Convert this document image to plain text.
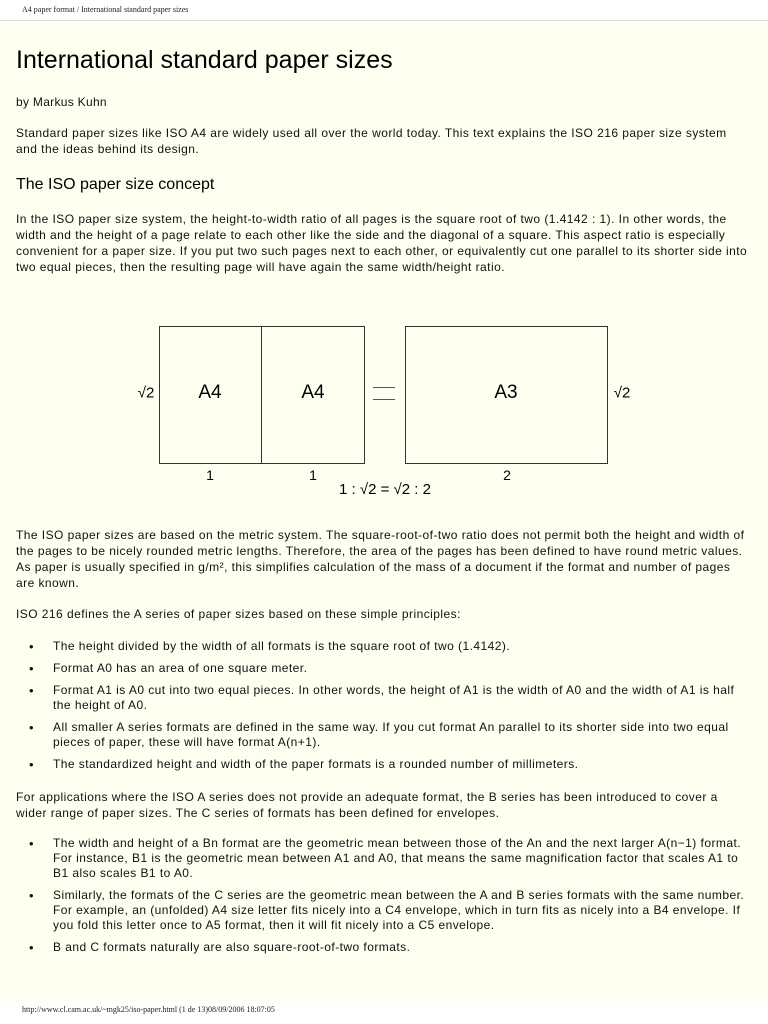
A4 paper format / International standard paper sizes
International standard paper sizes

by Markus Kuhn

Standard paper sizes like ISO A4 are widely used all over the world today. This text explains the ISO 216 paper size system and the ideas behind its design.

The ISO paper size concept

In the ISO paper size system, the height-to-width ratio of all pages is the square root of two (1.4142 : 1). In other words, the width and the height of a page relate to each other like the side and the diagonal of a square. This aspect ratio is especially convenient for a paper size. If you put two such pages next to each other, or equivalently cut one parallel to its shorter side into two equal pieces, then the resulting page will have again the same width/height ratio.

√2 A4	A4	A3	√2
1	1	2
1 : √2 = √2 : 2

The ISO paper sizes are based on the metric system. The square-root-of-two ratio does not permit both the height and width of the pages to be nicely rounded metric lengths. Therefore, the area of the pages has been defined to have round metric values. As paper is usually specified in g/m², this simplifies calculation of the mass of a document if the format and number of pages are known.

ISO 216 defines the A series of paper sizes based on these simple principles:

• The height divided by the width of all formats is the square root of two (1.4142).
• Format A0 has an area of one square meter.
• Format A1 is A0 cut into two equal pieces. In other words, the height of A1 is the width of A0 and the width of A1 is half the height of A0.
• All smaller A series formats are defined in the same way. If you cut format An parallel to its shorter side into two equal pieces of paper, these will have format A(n+1).
• The standardized height and width of the paper formats is a rounded number of millimeters.

For applications where the ISO A series does not provide an adequate format, the B series has been introduced to cover a wider range of paper sizes. The C series of formats has been defined for envelopes.

• The width and height of a Bn format are the geometric mean between those of the An and the next larger A(n−1) format. For instance, B1 is the geometric mean between A1 and A0, that means the same magnification factor that scales A1 to B1 also scales B1 to A0.
• Similarly, the formats of the C series are the geometric mean between the A and B series formats with the same number. For example, an (unfolded) A4 size letter fits nicely into a C4 envelope, which in turn fits as nicely into a B4 envelope. If you fold this letter once to A5 format, then it will fit nicely into a C5 envelope.
• B and C formats naturally are also square-root-of-two formats.
http://www.cl.cam.ac.uk/~mgk25/iso-paper.html (1 de 13)08/09/2006 18:07:05
